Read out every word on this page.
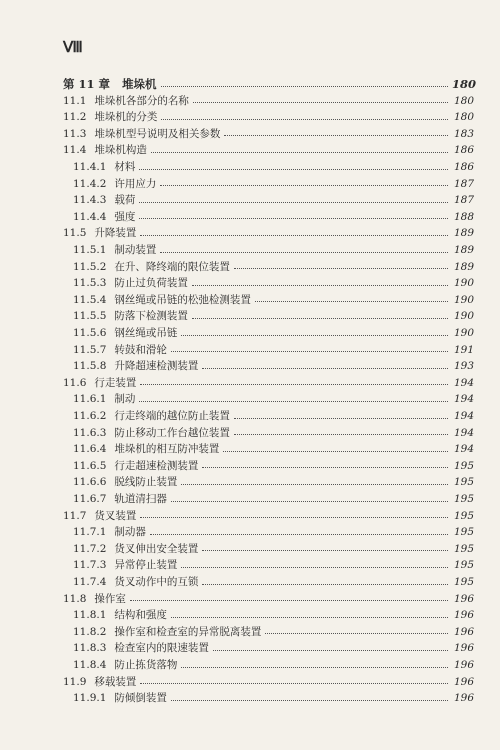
Ⅷ
第 11 章 堆垛机	180
11.1 堆垛机各部分的名称	180
11.2 堆垛机的分类	180
11.3 堆垛机型号说明及相关参数	183
11.4 堆垛机构造	186
11.4.1 材料	186
11.4.2 许用应力	187
11.4.3 载荷	187
11.4.4 强度	188
11.5 升降装置	189
11.5.1 制动装置	189
11.5.2 在升、降终端的限位装置	189
11.5.3 防止过负荷装置	190
11.5.4 钢丝绳或吊链的松弛检测装置	190
11.5.5 防落下检测装置	190
11.5.6 钢丝绳或吊链	190
11.5.7 转鼓和滑轮	191
11.5.8 升降超速检测装置	193
11.6 行走装置	194
11.6.1 制动	194
11.6.2 行走终端的越位防止装置	194
11.6.3 防止移动工作台越位装置	194
11.6.4 堆垛机的相互防冲装置	194
11.6.5 行走超速检测装置	195
11.6.6 脱线防止装置	195
11.6.7 轨道清扫器	195
11.7 货叉装置	195
11.7.1 制动器	195
11.7.2 货叉伸出安全装置	195
11.7.3 异常停止装置	195
11.7.4 货叉动作中的互锁	195
11.8 操作室	196
11.8.1 结构和强度	196
11.8.2 操作室和检查室的异常脱离装置	196
11.8.3 检查室内的限速装置	196
11.8.4 防止拣货落物	196
11.9 移载装置	196
11.9.1 防倾倒装置	196
